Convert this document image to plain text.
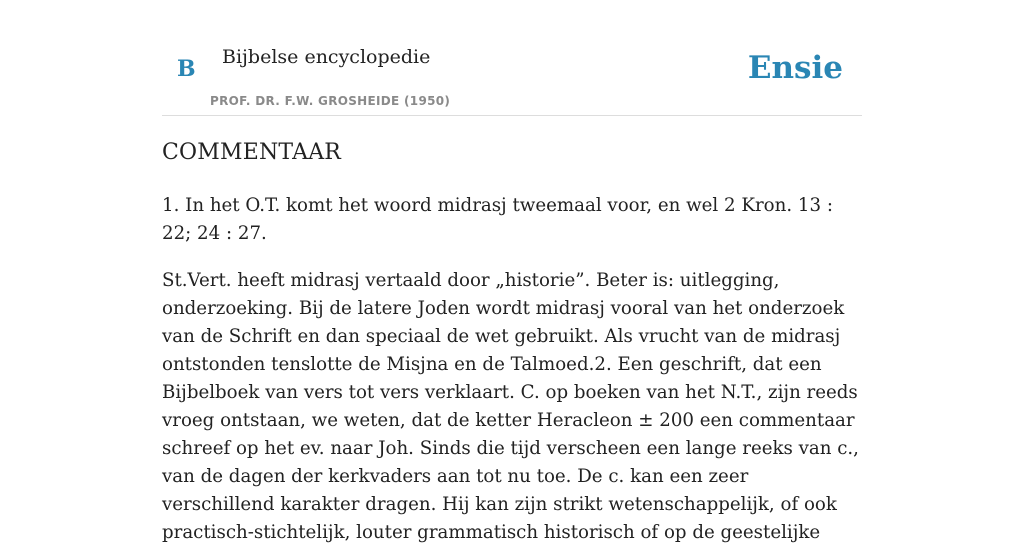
B Bijbelse encyclopedie
PROF. DR. F.W. GROSHEIDE (1950)
Ensie
COMMENTAAR

1. In het O.T. komt het woord midrasj tweemaal voor, en wel 2 Kron. 13 : 22; 24 : 27.

St.Vert. heeft midrasj vertaald door „historie”. Beter is: uitlegging, onderzoeking. Bij de latere Joden wordt midrasj vooral van het onderzoek van de Schrift en dan speciaal de wet gebruikt. Als vrucht van de midrasj ontstonden tenslotte de Misjna en de Talmoed.2. Een geschrift, dat een Bijbelboek van vers tot vers verklaart. C. op boeken van het N.T., zijn reeds vroeg ontstaan, we weten, dat de ketter Heracleon ± 200 een commentaar schreef op het ev. naar Joh. Sinds die tijd verscheen een lange reeks van c., van de dagen der kerkvaders aan tot nu toe. De c. kan een zeer verschillend karakter dragen. Hij kan zijn strikt wetenschappelijk, of ook practisch-stichtelijk, louter grammatisch historisch of op de geestelijke
